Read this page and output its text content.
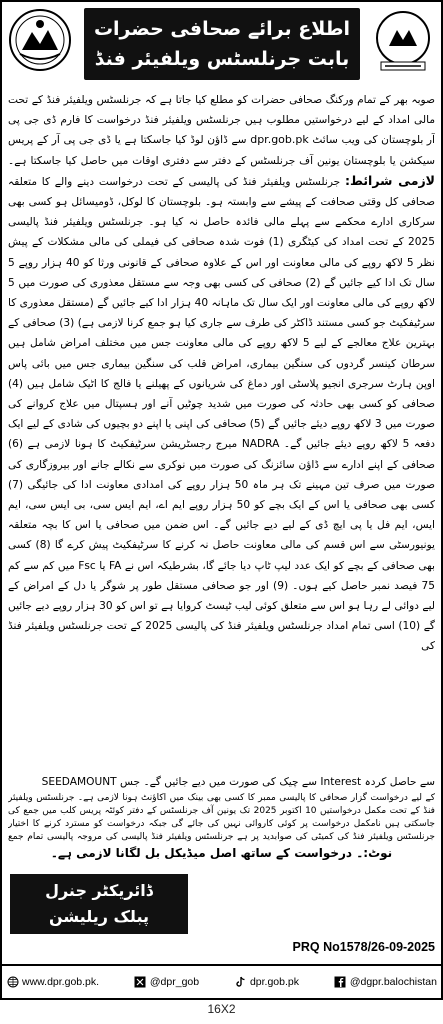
اطلاع برائے صحافی حضرات
بابت جرنلسٹس ویلفیئر فنڈ

صوبہ بھر کے تمام ورکنگ صحافی حضرات کو مطلع کیا جاتا ہے کہ جرنلسٹس ویلفیئر فنڈ کے تحت مالی امداد کے لیے درخواستیں مطلوب ہیں جرنلسٹس ویلفیئر فنڈ درخواست کا فارم ڈی جی پی آر بلوچستان کی ویب سائٹ dpr.gob.pk سے ڈاؤن لوڈ کیا جاسکتا ہے یا ڈی جی پی آر کے پریس سیکشن یا بلوچستان یونین آف جرنلسٹس کے دفتر سے دفتری اوقات میں حاصل کیا جاسکتا ہے۔ لازمی شرائط: جرنلسٹس ویلفیئر فنڈ کی پالیسی کے تحت درخواست دینے والے کا متعلقہ صحافی کل وقتی صحافت کے پیشے سے وابستہ ہو۔ بلوچستان کا لوکل، ڈومیسائل ہو کسی بھی سرکاری ادارے محکمے سے پہلے مالی فائدہ حاصل نہ کیا ہو۔ جرنلسٹس ویلفیئر فنڈ پالیسی 2025 کے تحت امداد کی کیٹگری (1) فوت شدہ صحافی کی فیملی کی مالی مشکلات کے پیش نظر 5 لاکھ روپے کی مالی معاونت اور اس کے علاوہ صحافی کے قانونی ورثا کو 40 ہزار روپے 5 سال تک ادا کیے جائیں گے (2) صحافی کی کسی بھی وجہ سے مستقل معذوری کی صورت میں 5 لاکھ روپے کی مالی معاونت اور ایک سال تک ماہانہ 40 ہزار ادا کیے جائیں گے (مستقل معذوری کا سرٹیفکیٹ جو کسی مستند ڈاکٹر کی طرف سے جاری کیا ہو جمع کرنا لازمی ہے) (3) صحافی کے بہترین علاج معالجے کے لیے 5 لاکھ روپے کی مالی معاونت جس میں مختلف امراض شامل ہیں سرطان کینسر گردوں کی سنگین بیماری، امراض قلب کی سنگین بیماری جس میں بائی پاس اوپن ہارٹ سرجری انجیو پلاسٹی اور دماغ کی شریانوں کے پھیلنے یا فالج کا اٹیک شامل ہیں (4) صحافی کو کسی بھی حادثہ کی صورت میں شدید چوٹیں آنے اور ہسپتال میں علاج کروانے کی صورت میں 3 لاکھ روپے دیئے جائیں گے (5) صحافی کی اپنی یا اپنے دو بچیوں کی شادی کے لیے ایک دفعہ 5 لاکھ روپے دیئے جائیں گے۔ NADRA میرج رجسٹریشن سرٹیفکیٹ کا ہونا لازمی ہے (6) صحافی کے اپنے ادارے سے ڈاؤن سائزنگ کی صورت میں نوکری سے نکالے جانے اور بیروزگاری کی صورت میں صرف تین مہینے تک ہر ماہ 50 ہزار روپے کی امدادی معاونت ادا کی جائیگی (7) کسی بھی صحافی یا اس کے ایک بچے کو 50 ہزار روپے ایم اے، ایم ایس سی، بی ایس سی، ایم ایس، ایم فل یا پی ایچ ڈی کے لیے دیے جائیں گے۔ اس ضمن میں صحافی یا اس کا بچہ متعلقہ یونیورسٹی سے اس قسم کی مالی معاونت حاصل نہ کرنے کا سرٹیفکیٹ پیش کرے گا (8) کسی بھی صحافی کے بچے کو ایک عدد لیپ ٹاپ دیا جائے گا، بشرطیکہ اس نے FA یا Fsc میں کم سے کم 75 فیصد نمبر حاصل کیے ہوں۔ (9) اور جو صحافی مستقل طور پر شوگر یا دل کے امراض کے لیے دوائی لے رہا ہو اس سے متعلق کوئی لیب ٹیسٹ کروایا ہے تو اس کو 30 ہزار روپے دیے جائیں گے (10) اسی تمام امداد جرنلسٹس ویلفیئر فنڈ کی پالیسی 2025 کے تحت جرنلسٹس ویلفیئر فنڈ کی

سے حاصل کردہ Interest سے چیک کی صورت میں دیے جائیں گے۔ جس SEEDAMOUNT
کے لیے درخواست گزار صحافی کا پالیسی ممبر کا کسی بھی بینک میں اکاؤنٹ ہونا لازمی ہے۔ جرنلسٹس ویلفیئر فنڈ کے تحت مکمل درخواستیں 10 اکتوبر 2025 تک یونین آف جرنلسٹس کے دفتر کوئٹہ پریس کلب میں جمع کی جاسکتی ہیں نامکمل درخواست پر کوئی کاروائی نہیں کی جائے گی جبکہ درخواست کو مسترد کرنے کا اختیار جرنلسٹس ویلفیئر فنڈ کی کمیٹی کی صوابدید پر ہے جرنلسٹس ویلفیئر فنڈ پالیسی کی مروجہ پالیسی تمام جمع
نوٹ:۔ درخواست کے ساتھ اصل میڈیکل بل لگانا لازمی ہے۔
ڈائریکٹر جنرل
پبلک ریلیشن
PRQ No1578/26-09-2025
www.dpr.gob.pk.	@dpr_gob	dpr.gob.pk	@dgpr.balochistan
16X2
